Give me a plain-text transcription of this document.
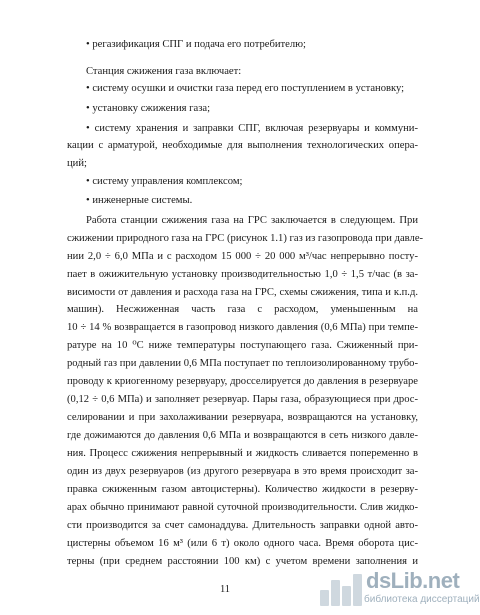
• регазификация СПГ и подача его потребителю;
Станция сжижения газа включает:
• систему осушки и очистки газа перед его поступлением в установку;
• установку сжижения газа;
• систему хранения и заправки СПГ, включая резервуары и коммуни-
кации с арматурой, необходимые для выполнения технологических опера-
ций;
• систему управления комплексом;
• инженерные системы.
Работа станции сжижения газа на ГРС заключается в следующем. При
сжижении природного газа на ГРС (рисунок 1.1) газ из газопровода при давле-
нии 2,0 ÷ 6,0 МПа и с расходом 15 000 ÷ 20 000 м³/час непрерывно посту-
пает в ожижительную установку производительностью 1,0 ÷ 1,5 т/час (в за-
висимости от давления и расхода газа на ГРС, схемы сжижения, типа и к.п.д.
машин). Несжиженная часть газа с расходом, уменьшенным на
10 ÷ 14 % возвращается в газопровод низкого давления (0,6 МПа) при темпе-
ратуре на 10 ⁰С ниже температуры поступающего газа. Сжиженный при-
родный газ при давлении 0,6 МПа поступает по теплоизолированному трубо-
проводу к криогенному резервуару, дросселируется до давления в резервуаре
(0,12 ÷ 0,6 МПа) и заполняет резервуар. Пары газа, образующиеся при дрос-
селировании и при захолаживании резервуара, возвращаются на установку,
где дожимаются до давления 0,6 МПа и возвращаются в сеть низкого давле-
ния. Процесс сжижения непрерывный и жидкость сливается попеременно в
один из двух резервуаров (из другого резервуара в это время происходит за-
правка сжиженным газом автоцистерны). Количество жидкости в резерву-
арах обычно принимают равной суточной производительности. Слив жидко-
сти производится за счет самонаддува. Длительность заправки одной авто-
цистерны объемом 16 м³ (или 6 т) около одного часа. Время оборота цис-
терны (при среднем расстоянии 100 км) с учетом времени заполнения и
11	dsLib.net
библиотека диссертаций
